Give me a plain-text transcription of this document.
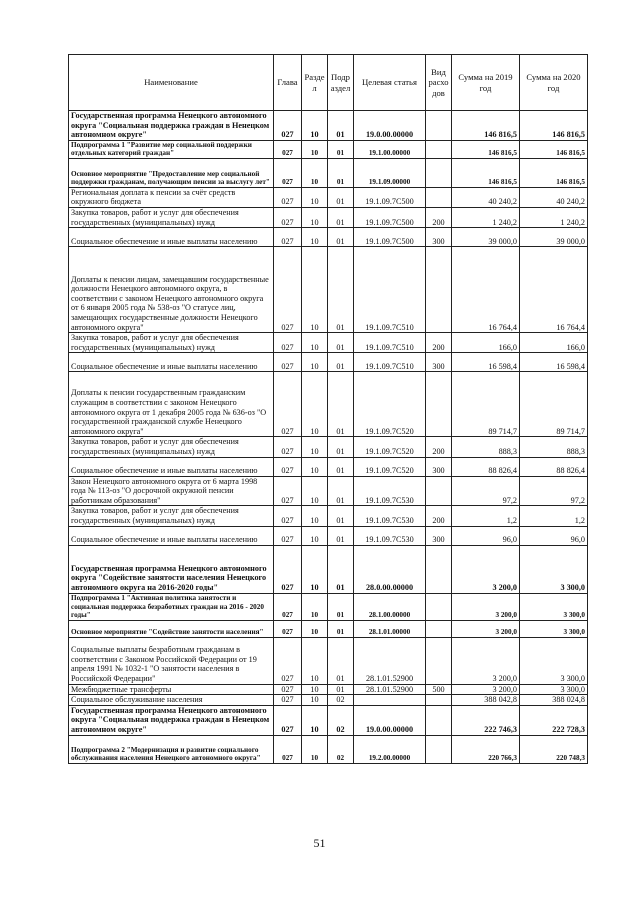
Наименование	Глава	Разде л	Подр аздел	Целевая статья	Вид расхо дов	Сумма на 2019 год	Сумма на 2020 год
Государственная программа Ненецкого автономного округа "Социальная поддержка граждан в Ненецком автономном округе"	027	10	01	19.0.00.00000		146 816,5	146 816,5
Подпрограмма 1 "Развитие мер социальной поддержки отдельных категорий граждан"	027	10	01	19.1.00.00000		146 816,5	146 816,5
Основное мероприятие "Предоставление мер социальной поддержки гражданам, получающим пенсии за выслугу лет"	027	10	01	19.1.09.00000		146 816,5	146 816,5
Региональная доплата к пенсии за счёт средств окружного бюджета	027	10	01	19.1.09.7С500		40 240,2	40 240,2
Закупка товаров, работ и услуг для обеспечения государственных (муниципальных) нужд	027	10	01	19.1.09.7С500	200	1 240,2	1 240,2
Социальное обеспечение и иные выплаты населению	027	10	01	19.1.09.7С500	300	39 000,0	39 000,0
Доплаты к пенсии лицам, замещавшим государственные должности Ненецкого автономного округа, в соответствии с законом Ненецкого автономного округа от 6 января 2005 года № 538-оз "О статусе лиц, замещающих государственные должности Ненецкого автономного округа"	027	10	01	19.1.09.7С510		16 764,4	16 764,4
Закупка товаров, работ и услуг для обеспечения государственных (муниципальных) нужд	027	10	01	19.1.09.7С510	200	166,0	166,0
Социальное обеспечение и иные выплаты населению	027	10	01	19.1.09.7С510	300	16 598,4	16 598,4
Доплаты к пенсии государственным гражданским служащим в соответствии с законом Ненецкого автономного округа от 1 декабря 2005 года № 636-оз "О государственной гражданской службе Ненецкого автономного округа"	027	10	01	19.1.09.7С520		89 714,7	89 714,7
Закупка товаров, работ и услуг для обеспечения государственных (муниципальных) нужд	027	10	01	19.1.09.7С520	200	888,3	888,3
Социальное обеспечение и иные выплаты населению	027	10	01	19.1.09.7С520	300	88 826,4	88 826,4
Закон Ненецкого автономного округа от 6 марта 1998 года № 113-оз "О досрочной окружной пенсии работникам образования"	027	10	01	19.1.09.7С530		97,2	97,2
Закупка товаров, работ и услуг для обеспечения государственных (муниципальных) нужд	027	10	01	19.1.09.7С530	200	1,2	1,2
Социальное обеспечение и иные выплаты населению	027	10	01	19.1.09.7С530	300	96,0	96,0
Государственная программа Ненецкого автономного округа "Содействие занятости населения Ненецкого автономного округа на 2016-2020 годы"	027	10	01	28.0.00.00000		3 200,0	3 300,0
Подпрограмма 1 "Активная политика занятости и социальная поддержка безработных граждан на 2016 - 2020 годы"	027	10	01	28.1.00.00000		3 200,0	3 300,0
Основное мероприятие "Содействие занятости населения"	027	10	01	28.1.01.00000		3 200,0	3 300,0
Социальные выплаты безработным гражданам в соответствии с Законом Российской Федерации от 19 апреля 1991 № 1032-1 "О занятости населения в Российской Федерации"	027	10	01	28.1.01.52900		3 200,0	3 300,0
Межбюджетные трансферты	027	10	01	28.1.01.52900	500	3 200,0	3 300,0
Социальное обслуживание населения	027	10	02			388 042,8	388 024,8
Государственная программа Ненецкого автономного округа "Социальная поддержка граждан в Ненецком автономном округе"	027	10	02	19.0.00.00000		222 746,3	222 728,3
Подпрограмма 2 "Модернизация и развитие социального обслуживания населения Ненецкого автономного округа"	027	10	02	19.2.00.00000		220 766,3	220 748,3
51
